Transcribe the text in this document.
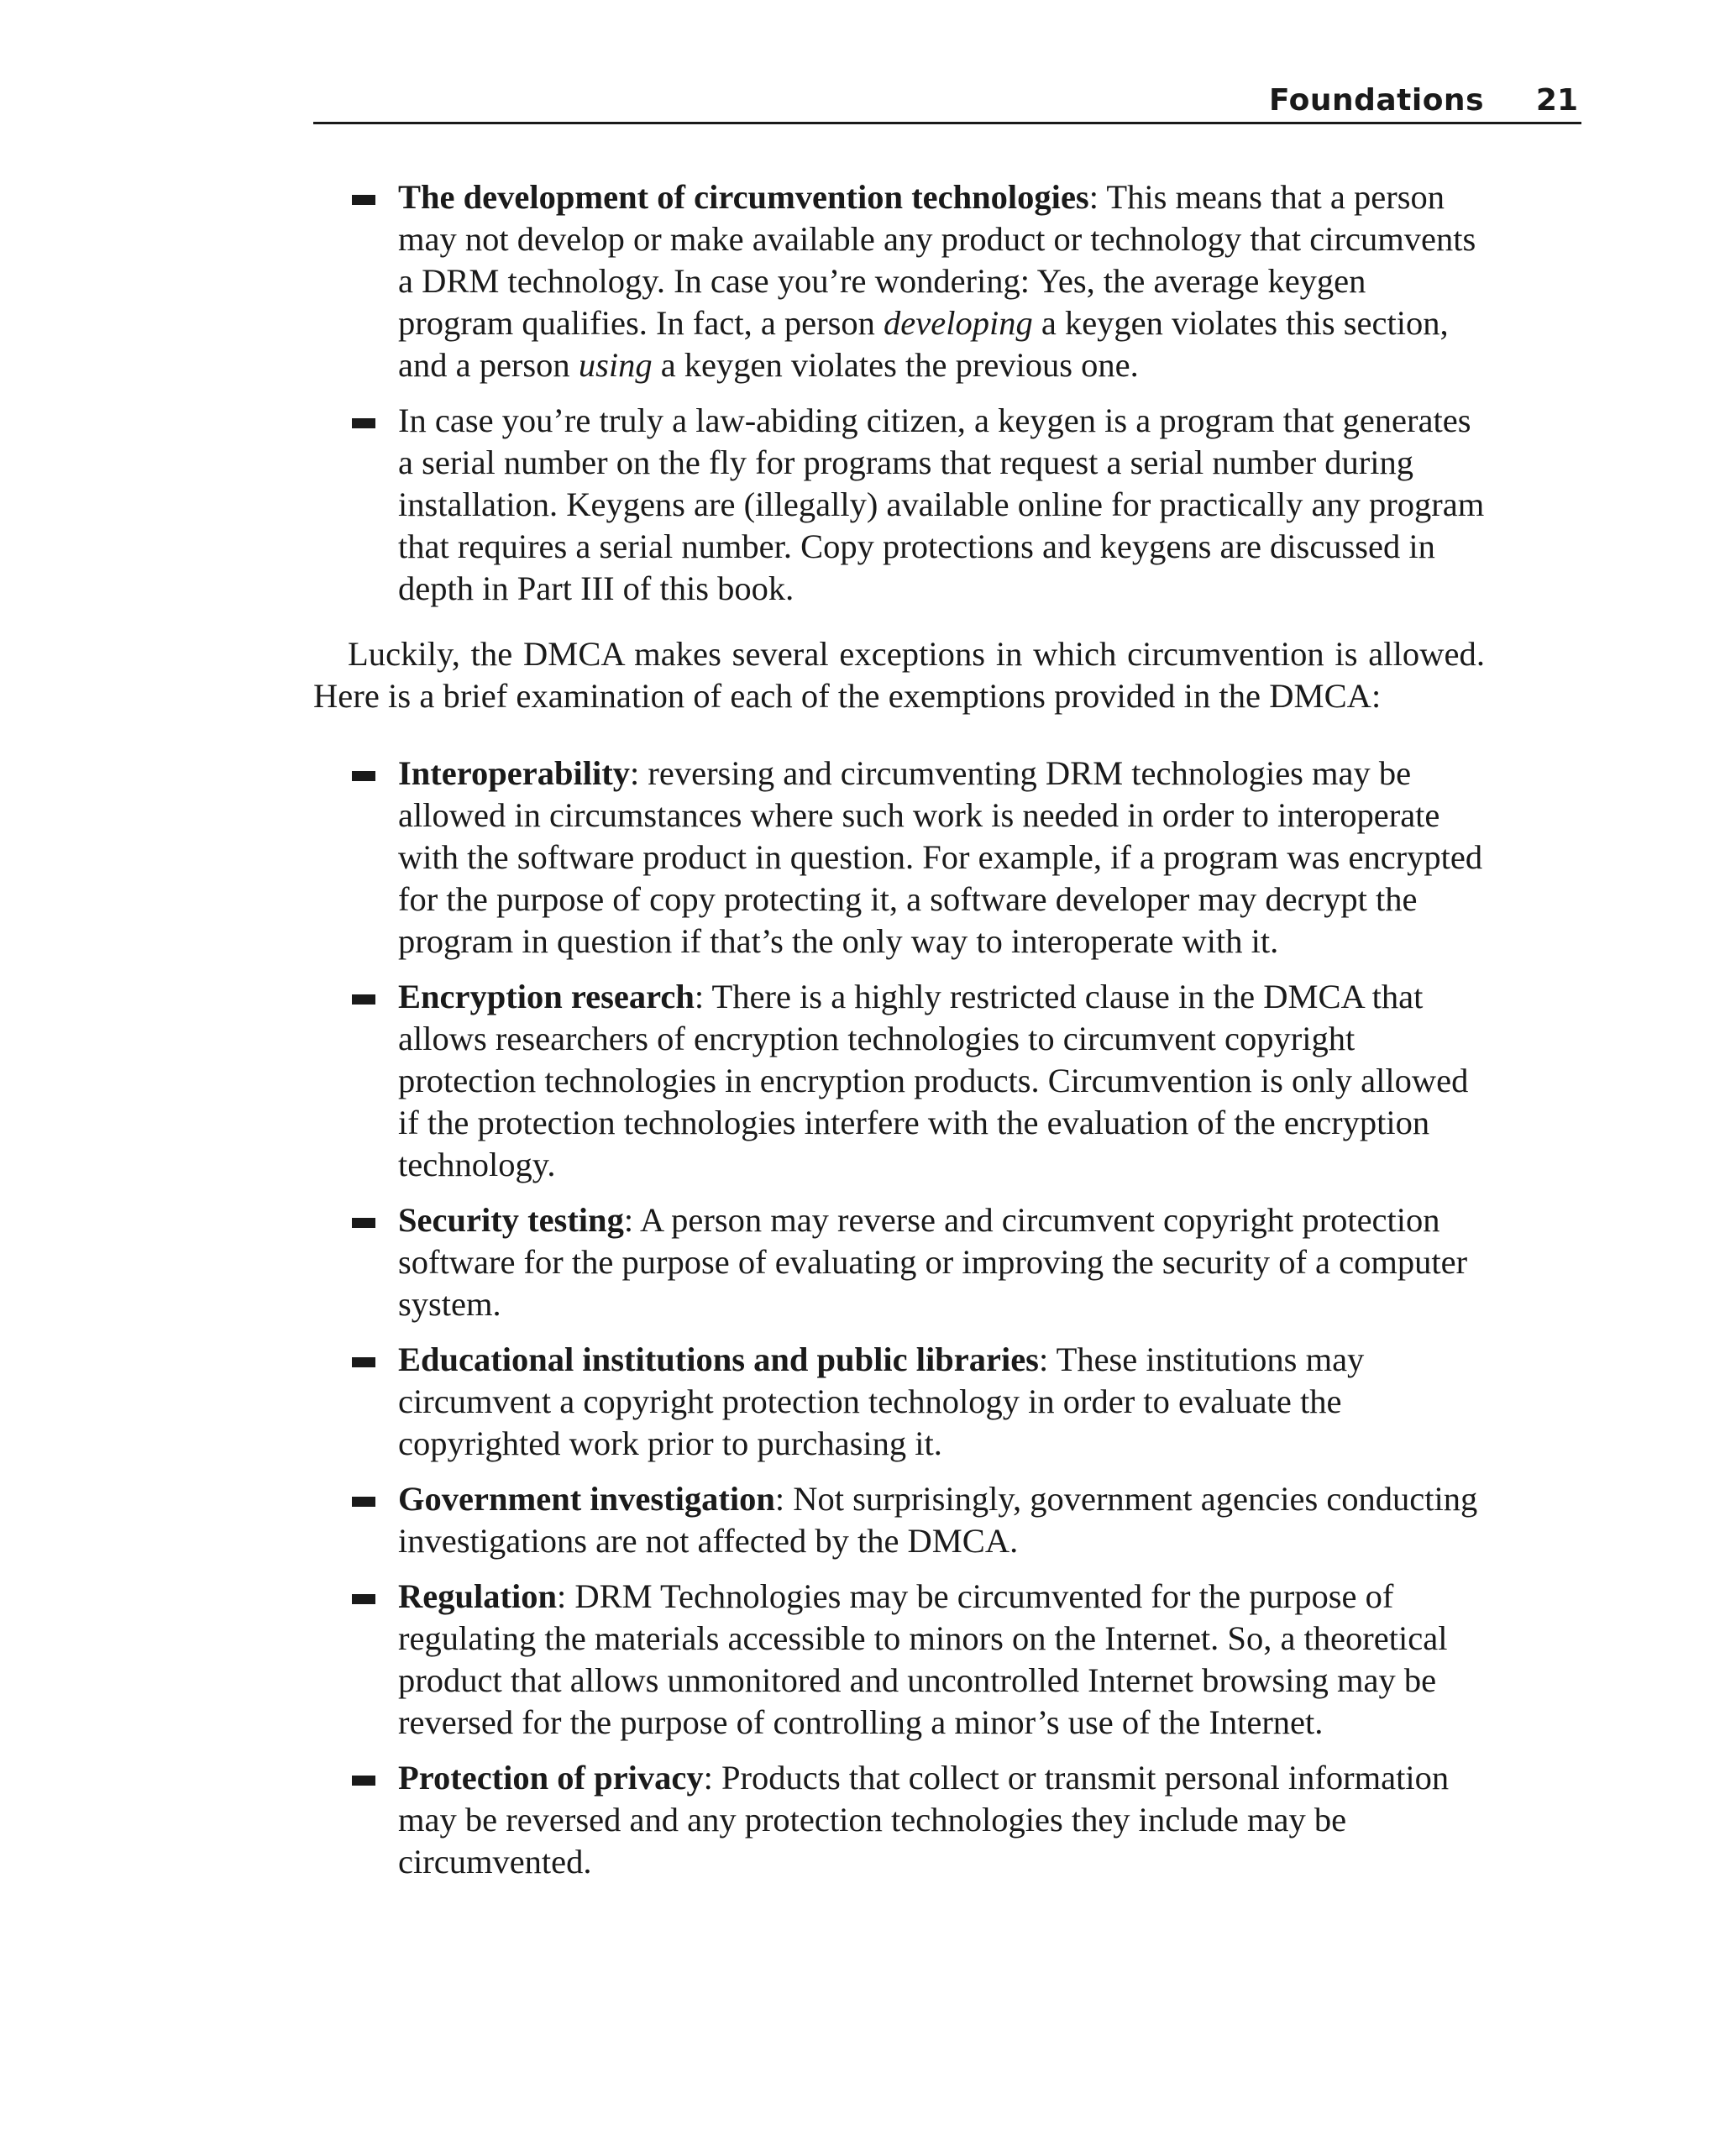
Foundations 21
The development of circumvention technologies: This means that a person may not develop or make available any product or technology that circumvents a DRM technology. In case you’re wondering: Yes, the average keygen program qualifies. In fact, a person developing a keygen violates this section, and a person using a keygen violates the previous one.
In case you’re truly a law-abiding citizen, a keygen is a program that generates a serial number on the fly for programs that request a serial number during installation. Keygens are (illegally) available online for practically any program that requires a serial number. Copy protections and keygens are discussed in depth in Part III of this book.

Luckily, the DMCA makes several exceptions in which circumvention is allowed. Here is a brief examination of each of the exemptions provided in the DMCA:

Interoperability: reversing and circumventing DRM technologies may be allowed in circumstances where such work is needed in order to interoperate with the software product in question. For example, if a program was encrypted for the purpose of copy protecting it, a software developer may decrypt the program in question if that’s the only way to interoperate with it.
Encryption research: There is a highly restricted clause in the DMCA that allows researchers of encryption technologies to circumvent copyright protection technologies in encryption products. Circumvention is only allowed if the protection technologies interfere with the evaluation of the encryption technology.
Security testing: A person may reverse and circumvent copyright protection software for the purpose of evaluating or improving the security of a computer system.
Educational institutions and public libraries: These institutions may circumvent a copyright protection technology in order to evaluate the copyrighted work prior to purchasing it.
Government investigation: Not surprisingly, government agencies conducting investigations are not affected by the DMCA.
Regulation: DRM Technologies may be circumvented for the purpose of regulating the materials accessible to minors on the Internet. So, a theoretical product that allows unmonitored and uncontrolled Internet browsing may be reversed for the purpose of controlling a minor’s use of the Internet.
Protection of privacy: Products that collect or transmit personal information may be reversed and any protection technologies they include may be circumvented.
